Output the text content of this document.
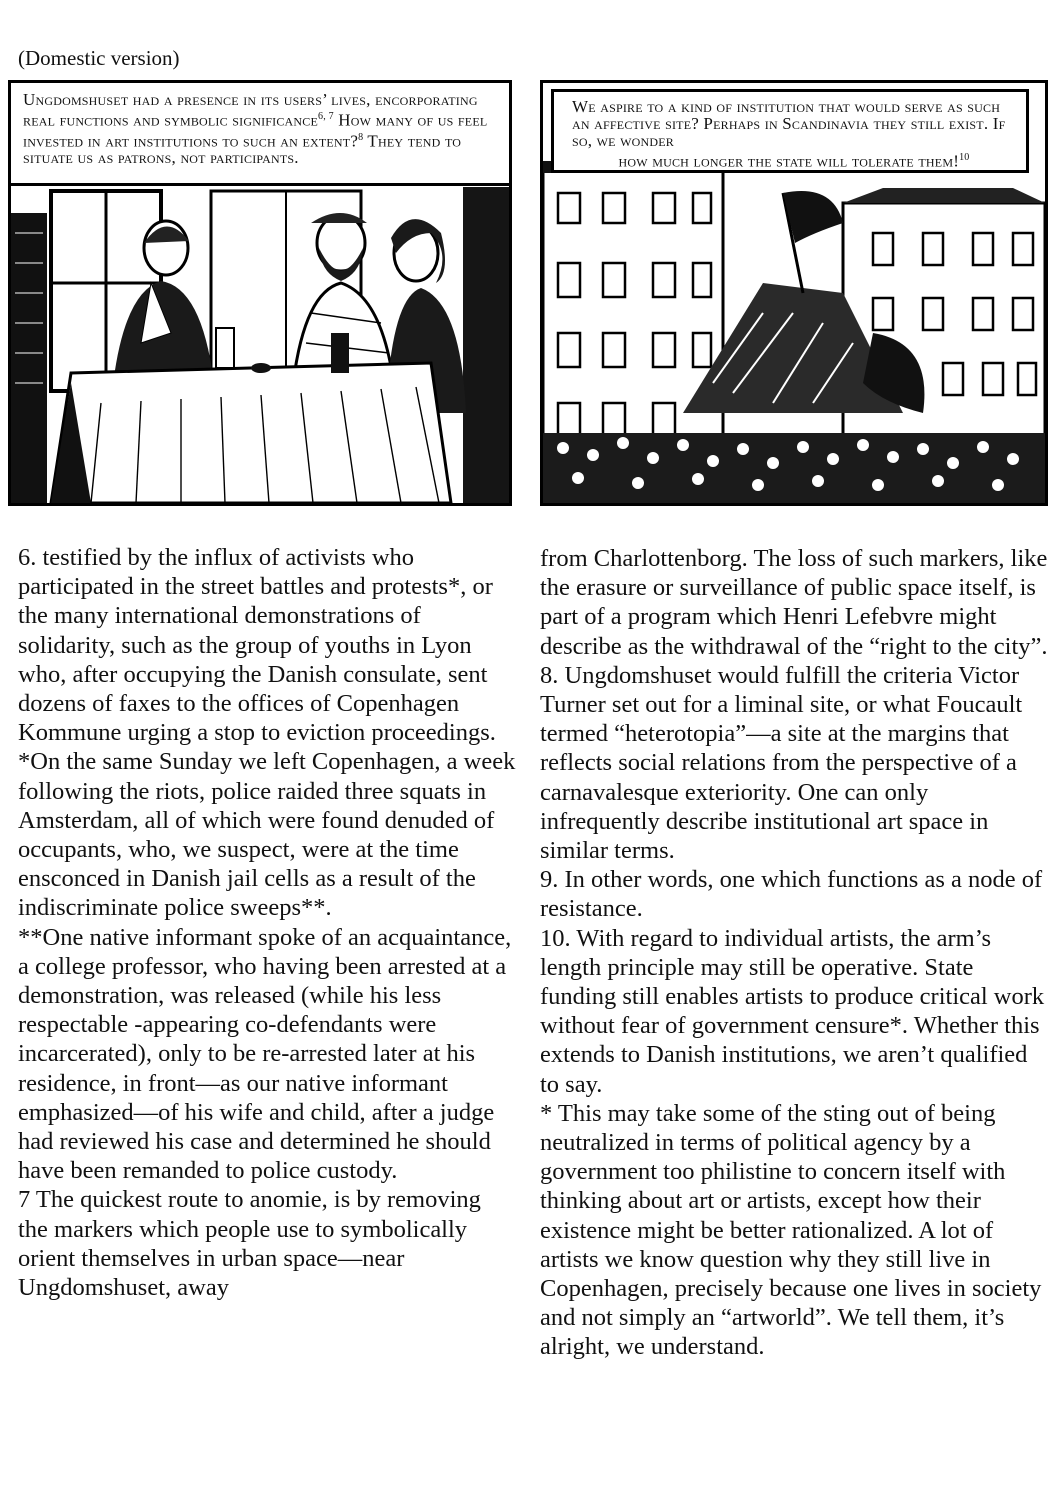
(Domestic version)
Ungdomshuset had a presence in its users’ lives, encorporating real functions and symbolic significance$^{6, 7}$ How many of us feel invested in art institutions to such an extent?$^8$ They tend to situate us as patrons, not participants.
We aspire to a kind of institution that would serve as such an affective site? Perhaps in Scandinavia they still exist. If so, we wonder
how much longer the state will tolerate them!$^{10}$

6. testified by the influx of activists who participated in the street battles and protests*, or the many international demonstrations of solidarity, such as the group of youths in Lyon who, after occupying the Danish consulate, sent dozens of faxes to the offices of Copenhagen Kommune urging a stop to eviction proceedings.

*On the same Sunday we left Copenhagen, a week following the riots, police raided three squats in Amsterdam, all of which were found denuded of occupants, who, we suspect, were at the time ensconced in Danish jail cells as a result of the indiscriminate police sweeps**.

**One native informant spoke of an acquaintance, a college professor, who having been arrested at a demonstration, was released (while his less respectable -appearing co-defendants were incarcerated), only to be re-arrested later at his residence, in front—as our native informant emphasized—of his wife and child, after a judge had reviewed his case and determined he should have been remanded to police custody.

7 The quickest route to anomie, is by removing the markers which people use to symbolically orient themselves in urban space—near Ungdomshuset, away

from Charlottenborg. The loss of such markers, like the erasure or surveillance of public space itself, is part of a program which Henri Lefebvre might describe as the withdrawal of the “right to the city”.

8. Ungdomshuset would fulfill the criteria Victor Turner set out for a liminal site, or what Foucault termed “heterotopia”—a site at the margins that reflects social relations from the perspective of a carnavalesque exteriority. One can only infrequently describe institutional art space in similar terms.

9. In other words, one which functions as a node of resistance.

10. With regard to individual artists, the arm’s length principle may still be operative. State funding still enables artists to produce critical work without fear of government censure*. Whether this extends to Danish institutions, we aren’t qualified to say.

* This may take some of the sting out of being neutralized in terms of political agency by a government too philistine to concern itself with thinking about art or artists, except how their existence might be better rationalized. A lot of artists we know question why they still live in Copenhagen, precisely because one lives in society and not simply an “artworld”. We tell them, it’s alright, we understand.
